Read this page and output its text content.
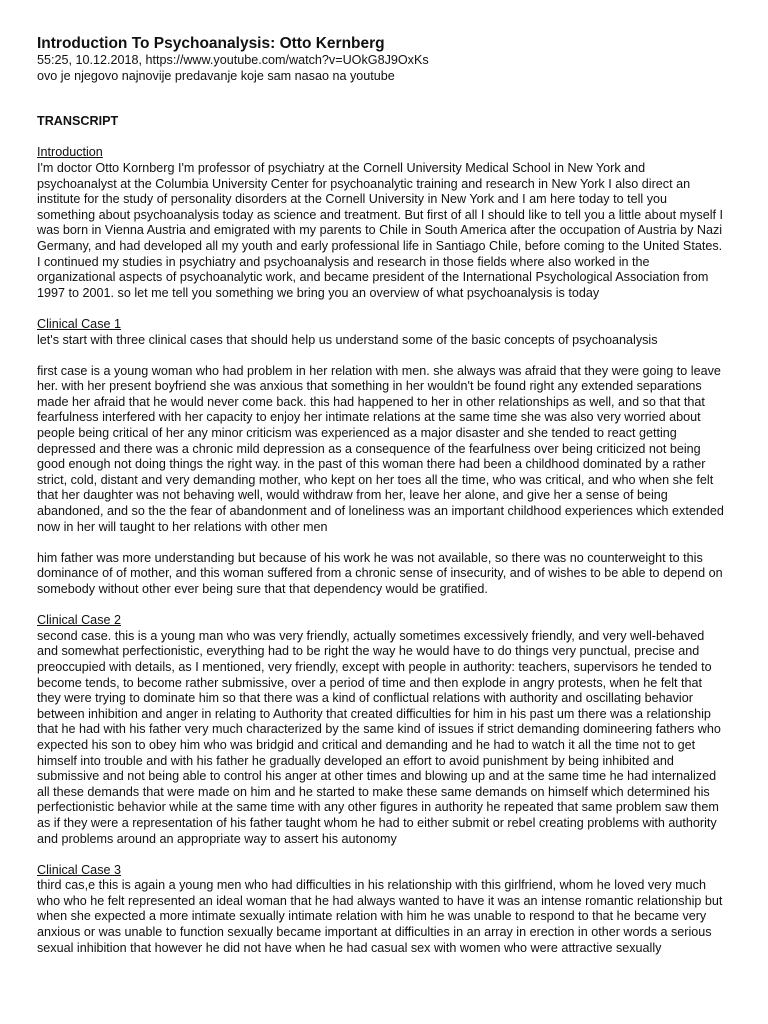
Introduction To Psychoanalysis: Otto Kernberg
55:25, 10.12.2018, https://www.youtube.com/watch?v=UOkG8J9OxKs
ovo je njegovo najnovije predavanje koje sam nasao na youtube
TRANSCRIPT
Introduction

I'm doctor Otto Kornberg I'm professor of psychiatry at the Cornell University Medical School in New York and psychoanalyst at the Columbia University Center for psychoanalytic training and research in New York I also direct an institute for the study of personality disorders at the Cornell University in New York and I am here today to tell you something about psychoanalysis today as science and treatment. But first of all I should like to tell you a little about myself I was born in Vienna Austria and emigrated with my parents to Chile in South America after the occupation of Austria by Nazi Germany, and had developed all my youth and early professional life in Santiago Chile, before coming to the United States. I continued my studies in psychiatry and psychoanalysis and research in those fields where also worked in the organizational aspects of psychoanalytic work, and became president of the International Psychological Association from 1997 to 2001. so let me tell you something we bring you an overview of what psychoanalysis is today

Clinical Case 1

let's start with three clinical cases that should help us understand some of the basic concepts of psychoanalysis

first case is a young woman who had problem in her relation with men. she always was afraid that they were going to leave her. with her present boyfriend she was anxious that something in her wouldn't be found right any extended separations made her afraid that he would never come back. this had happened to her in other relationships as well, and so that that fearfulness interfered with her capacity to enjoy her intimate relations at the same time she was also very worried about people being critical of her any minor criticism was experienced as a major disaster and she tended to react getting depressed and there was a chronic mild depression as a consequence of the fearfulness over being criticized not being good enough not doing things the right way. in the past of this woman there had been a childhood dominated by a rather strict, cold, distant and very demanding mother, who kept on her toes all the time, who was critical, and who when she felt that her daughter was not behaving well, would withdraw from her, leave her alone, and give her a sense of being abandoned, and so the the fear of abandonment and of loneliness was an important childhood experiences which extended now in her will taught to her relations with other men

him father was more understanding but because of his work he was not available, so there was no counterweight to this dominance of of mother, and this woman suffered from a chronic sense of insecurity, and of wishes to be able to depend on somebody without other ever being sure that that dependency would be gratified.

Clinical Case 2

second case. this is a young man who was very friendly, actually sometimes excessively friendly, and very well-behaved and somewhat perfectionistic, everything had to be right the way he would have to do things very punctual, precise and preoccupied with details, as I mentioned, very friendly, except with people in authority: teachers, supervisors he tended to become tends, to become rather submissive, over a period of time and then explode in angry protests, when he felt that they were trying to dominate him so that there was a kind of conflictual relations with authority and oscillating behavior between inhibition and anger in relating to Authority that created difficulties for him in his past um there was a relationship that he had with his father very much characterized by the same kind of issues if strict demanding domineering fathers who expected his son to obey him who was bridgid and critical and demanding and he had to watch it all the time not to get himself into trouble and with his father he gradually developed an effort to avoid punishment by being inhibited and submissive and not being able to control his anger at other times and blowing up and at the same time he had internalized all these demands that were made on him and he started to make these same demands on himself which determined his perfectionistic behavior while at the same time with any other figures in authority he repeated that same problem saw them as if they were a representation of his father taught whom he had to either submit or rebel creating problems with authority and problems around an appropriate way to assert his autonomy

Clinical Case 3

third cas,e this is again a young men who had difficulties in his relationship with this girlfriend, whom he loved very much who who he felt represented an ideal woman that he had always wanted to have it was an intense romantic relationship but when she expected a more intimate sexually intimate relation with him he was unable to respond to that he became very anxious or was unable to function sexually became important at difficulties in an array in erection in other words a serious sexual inhibition that however he did not have when he had casual sex with women who were attractive sexually
